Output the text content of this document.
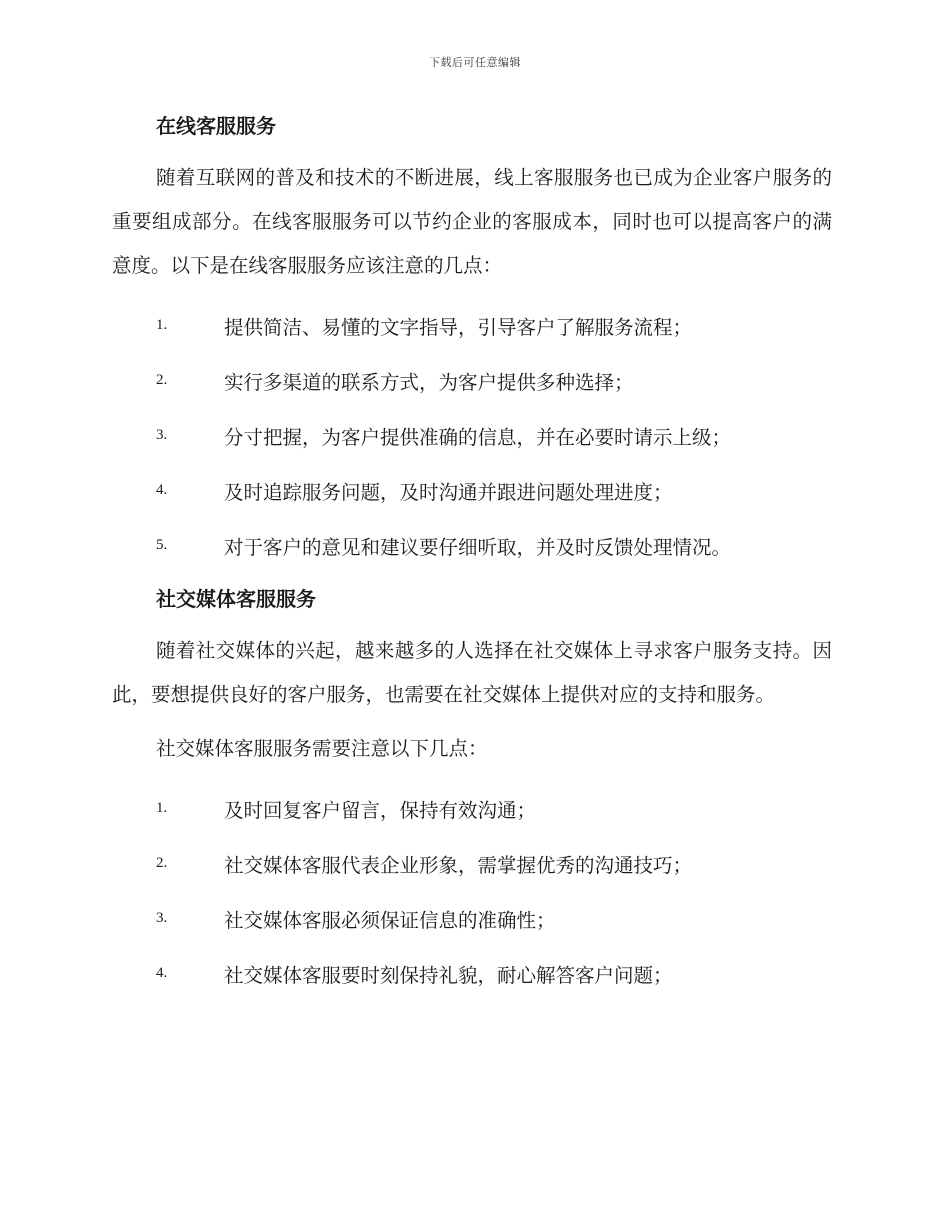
下载后可任意编辑
在线客服服务

随着互联网的普及和技术的不断进展，线上客服服务也已成为企业客户服务的重要组成部分。在线客服服务可以节约企业的客服成本，同时也可以提高客户的满意度。以下是在线客服服务应该注意的几点：

1.	提供简洁、易懂的文字指导，引导客户了解服务流程；
2.	实行多渠道的联系方式，为客户提供多种选择；
3.	分寸把握，为客户提供准确的信息，并在必要时请示上级；
4.	及时追踪服务问题，及时沟通并跟进问题处理进度；
5.	对于客户的意见和建议要仔细听取，并及时反馈处理情况。
社交媒体客服服务

随着社交媒体的兴起，越来越多的人选择在社交媒体上寻求客户服务支持。因此，要想提供良好的客户服务，也需要在社交媒体上提供对应的支持和服务。

社交媒体客服服务需要注意以下几点：

1.	及时回复客户留言，保持有效沟通；
2.	社交媒体客服代表企业形象，需掌握优秀的沟通技巧；
3.	社交媒体客服必须保证信息的准确性；
4.	社交媒体客服要时刻保持礼貌，耐心解答客户问题；
